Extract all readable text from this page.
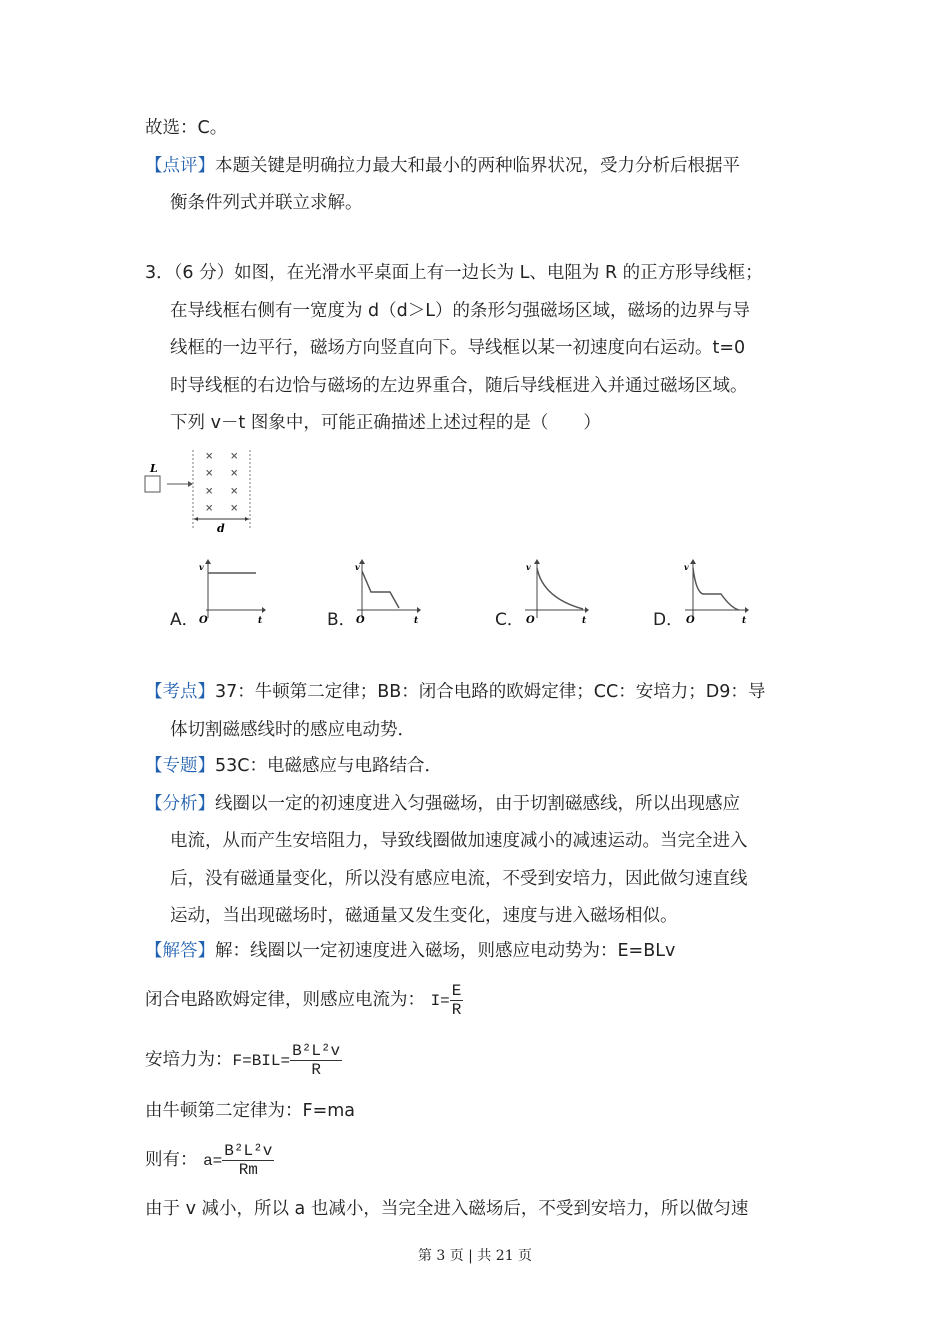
故选：C。
【点评】本题关键是明确拉力最大和最小的两种临界状况，受力分析后根据平
衡条件列式并联立求解。
3．（6 分）如图，在光滑水平桌面上有一边长为 L、电阻为 R 的正方形导线框；
在导线框右侧有一宽度为 d（d＞L）的条形匀强磁场区域，磁场的边界与导
线框的一边平行，磁场方向竖直向下。导线框以某一初速度向右运动。t=0
时导线框的右边恰与磁场的左边界重合，随后导线框进入并通过磁场区域。
下列 v－t 图象中，可能正确描述上述过程的是（　　）
L
× ×
× ×
× ×
× ×
d
A．
v
t
O	B．
v
t
O	C．
v
t
O	D．
v
t
O
【考点】37：牛顿第二定律；BB：闭合电路的欧姆定律；CC：安培力；D9：导
体切割磁感线时的感应电动势．
【专题】53C：电磁感应与电路结合．
【分析】线圈以一定的初速度进入匀强磁场，由于切割磁感线，所以出现感应
电流，从而产生安培阻力，导致线圈做加速度减小的减速运动。当完全进入
后，没有磁通量变化，所以没有感应电流，不受到安培力，因此做匀速直线
运动，当出现磁场时，磁通量又发生变化，速度与进入磁场相似。
【解答】解：线圈以一定初速度进入磁场，则感应电动势为：E=BLv
闭合电路欧姆定律，则感应电流为： $I= \frac{E}{R}$
安培力为：$F=BIL= \frac{\text{B²L²v}}{R}$
由牛顿第二定律为：F=ma
则有： $a= \frac{\text{B²L²v}}{Rm}$
由于 v 减小，所以 a 也减小，当完全进入磁场后，不受到安培力，所以做匀速
第 3 页 | 共 21 页
